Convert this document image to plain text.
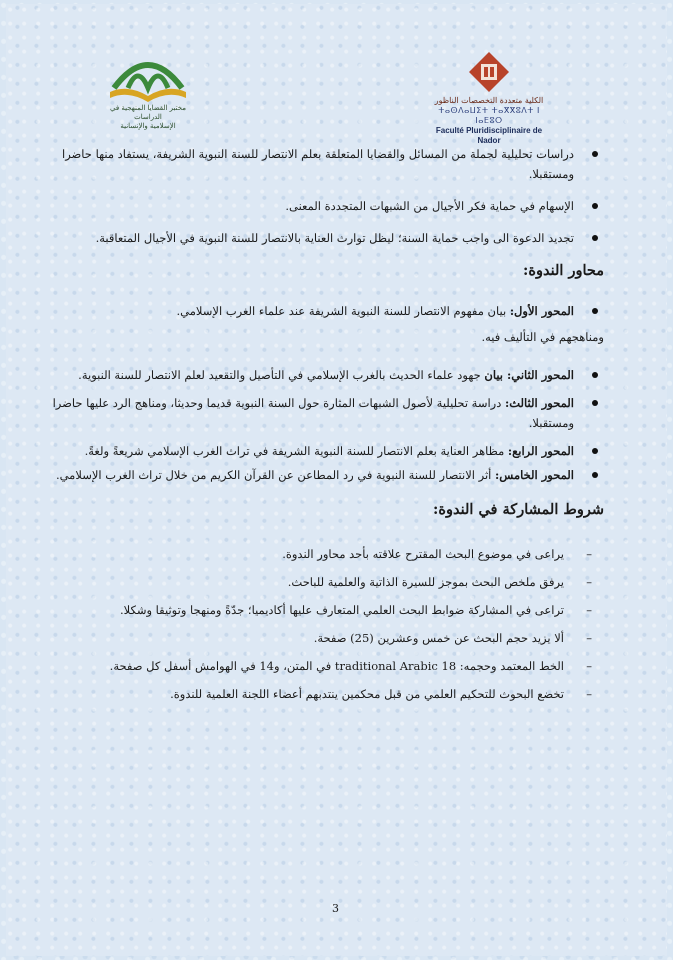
مختبر القضايا المنهجية في الدراسات
الإسلامية والإنسانية
الكلية متعددة التخصصات الناظور
ⵜⴰⵙⴷⴰⵡⵉⵜ ⵜⴰⴳⴳⵓⴷⵜ ⵏ ⵏⴰⴹⵓⵔ
Faculté Pluridisciplinaire de Nador

دراسات تحليلية لجملة من المسائل والقضايا المتعلقة بعلم الانتصار للسنة النبوية الشريفة، يستفاد منها حاضرا ومستقبلا.

الإسهام في حماية فكر الأجيال من الشبهات المتجددة المعنى.

تجديد الدعوة الى واجب حماية السنة؛ ليظل توارث العناية بالانتصار للسنة النبوية في الأجيال المتعاقبة.

محاور الندوة:

المحور الأول: بيان مفهوم الانتصار للسنة النبوية الشريفة عند علماء الغرب الإسلامي.

ومناهجهم في التأليف فيه.

المحور الثاني: بيان جهود علماء الحديث بالغرب الإسلامي في التأصيل والتقعيد لعلم الانتصار للسنة النبوية.

المحور الثالث: دراسة تحليلية لأصول الشبهات المثارة حول السنة النبوية قديما وحديثا، ومناهج الرد عليها حاضرا ومستقبلا.

المحور الرابع: مظاهر العناية بعلم الانتصار للسنة النبوية الشريفة في تراث الغرب الإسلامي شريعةً ولغةً.

المحور الخامس: أثر الانتصار للسنة النبوية في رد المطاعن عن القرآن الكريم من خلال تراث الغرب الإسلامي.

شروط المشاركة في الندوة:

–
يراعى في موضوع البحث المقترح علاقته بأحد محاور الندوة.

–
يرفق ملخص البحث بموجز للسيرة الذاتية والعلمية للباحث.

–
تراعى في المشاركة ضوابط البحث العلمي المتعارف عليها أكاديميا؛ جدّةً ومنهجا وتوثيقا وشكلا.

–
ألا يزيد حجم البحث عن خمس وعشرين (25) صفحة.

–
الخط المعتمد وحجمه: traditional Arabic 18 في المتن، و14 في الهوامش أسفل كل صفحة.

–
تخضع البحوث للتحكيم العلمي من قبل محكمين ينتدبهم أعضاء اللجنة العلمية للندوة.

3
